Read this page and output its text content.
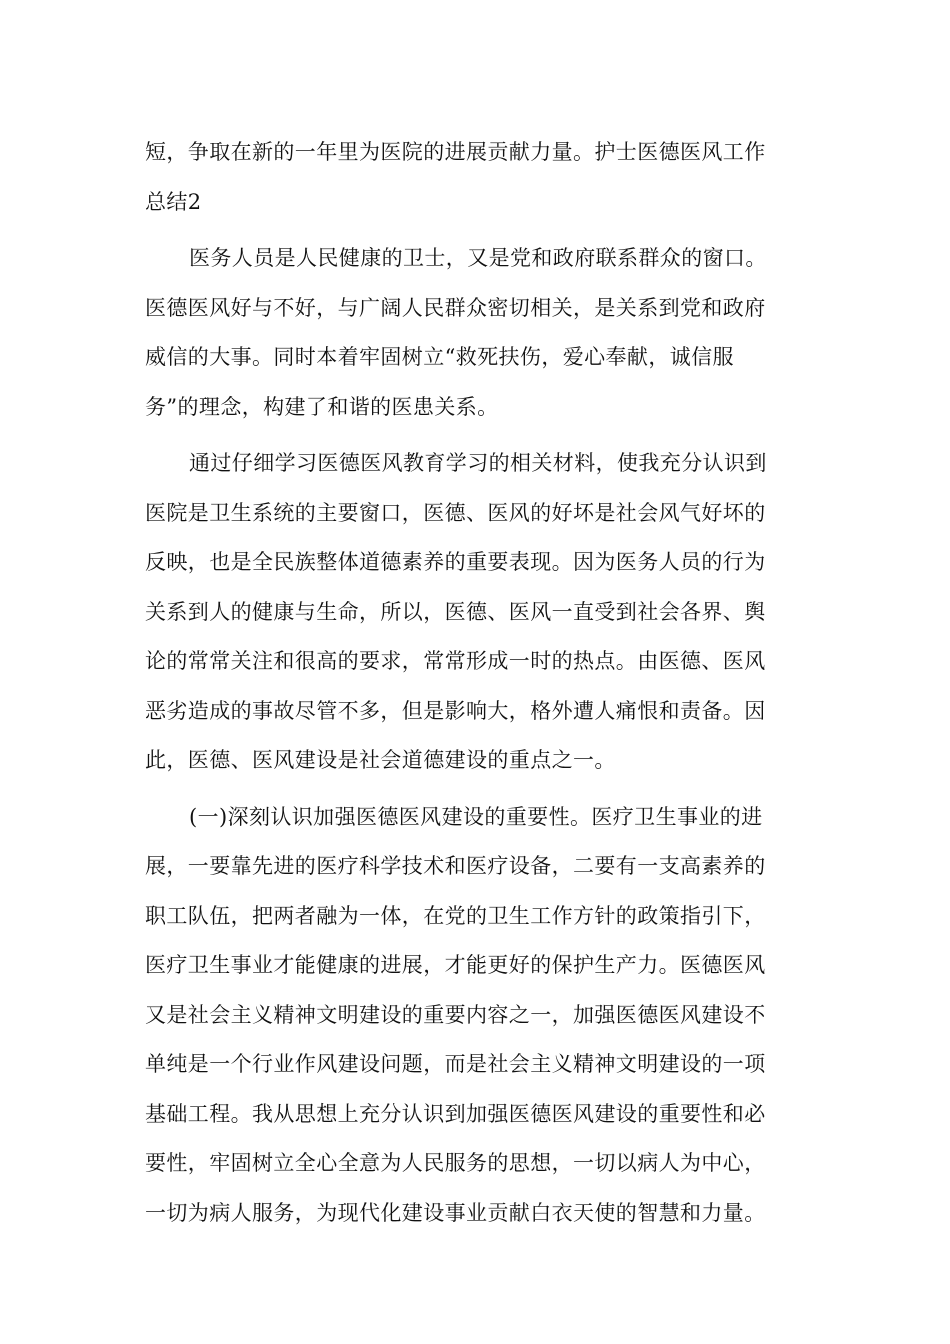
短，争取在新的一年里为医院的进展贡献力量。护士医德医风工作
总结2
医务人员是人民健康的卫士，又是党和政府联系群众的窗口。
医德医风好与不好，与广阔人民群众密切相关，是关系到党和政府
威信的大事。同时本着牢固树立“救死扶伤，爱心奉献，诚信服
务”的理念，构建了和谐的医患关系。
通过仔细学习医德医风教育学习的相关材料，使我充分认识到
医院是卫生系统的主要窗口，医德、医风的好坏是社会风气好坏的
反映，也是全民族整体道德素养的重要表现。因为医务人员的行为
关系到人的健康与生命，所以，医德、医风一直受到社会各界、舆
论的常常关注和很高的要求，常常形成一时的热点。由医德、医风
恶劣造成的事故尽管不多，但是影响大，格外遭人痛恨和责备。因
此，医德、医风建设是社会道德建设的重点之一。
(一)深刻认识加强医德医风建设的重要性。医疗卫生事业的进
展，一要靠先进的医疗科学技术和医疗设备，二要有一支高素养的
职工队伍，把两者融为一体，在党的卫生工作方针的政策指引下，
医疗卫生事业才能健康的进展，才能更好的保护生产力。医德医风
又是社会主义精神文明建设的重要内容之一，加强医德医风建设不
单纯是一个行业作风建设问题，而是社会主义精神文明建设的一项
基础工程。我从思想上充分认识到加强医德医风建设的重要性和必
要性，牢固树立全心全意为人民服务的思想，一切以病人为中心，
一切为病人服务，为现代化建设事业贡献白衣天使的智慧和力量。
